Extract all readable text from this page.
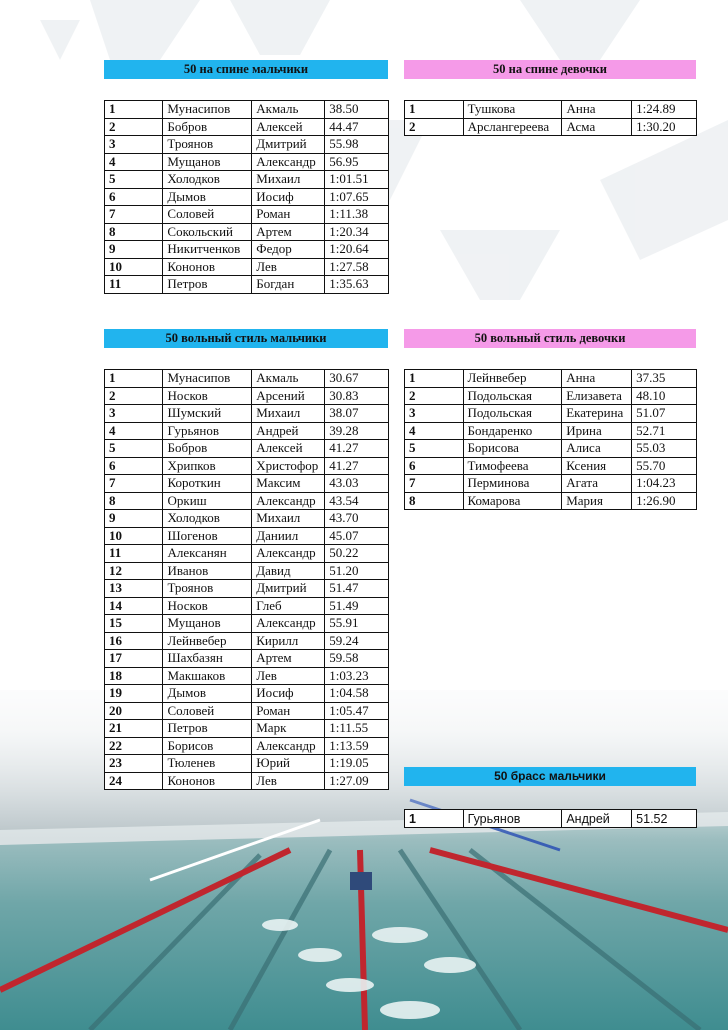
50 на спине мальчики
1	Мунасипов	Акмаль	38.50
2	Бобров	Алексей	44.47
3	Троянов	Дмитрий	55.98
4	Мущанов	Александр	56.95
5	Холодков	Михаил	1:01.51
6	Дымов	Иосиф	1:07.65
7	Соловей	Роман	1:11.38
8	Сокольский	Артем	1:20.34
9	Никитченков	Федор	1:20.64
10	Кононов	Лев	1:27.58
11	Петров	Богдан	1:35.63
50 на спине девочки
1	Тушкова	Анна	1:24.89
2	Арслангереева	Асма	1:30.20
50 вольный стиль мальчики
1	Мунасипов	Акмаль	30.67
2	Носков	Арсений	30.83
3	Шумский	Михаил	38.07
4	Гурьянов	Андрей	39.28
5	Бобров	Алексей	41.27
6	Хрипков	Христофор	41.27
7	Короткин	Максим	43.03
8	Оркиш	Александр	43.54
9	Холодков	Михаил	43.70
10	Шогенов	Даниил	45.07
11	Алексанян	Александр	50.22
12	Иванов	Давид	51.20
13	Троянов	Дмитрий	51.47
14	Носков	Глеб	51.49
15	Мущанов	Александр	55.91
16	Лейнвебер	Кирилл	59.24
17	Шахбазян	Артем	59.58
18	Макшаков	Лев	1:03.23
19	Дымов	Иосиф	1:04.58
20	Соловей	Роман	1:05.47
21	Петров	Марк	1:11.55
22	Борисов	Александр	1:13.59
23	Тюленев	Юрий	1:19.05
24	Кононов	Лев	1:27.09
50 вольный стиль девочки
1	Лейнвебер	Анна	37.35
2	Подольская	Елизавета	48.10
3	Подольская	Екатерина	51.07
4	Бондаренко	Ирина	52.71
5	Борисова	Алиса	55.03
6	Тимофеева	Ксения	55.70
7	Перминова	Агата	1:04.23
8	Комарова	Мария	1:26.90
50 брасс мальчики
1	Гурьянов	Андрей	51.52
